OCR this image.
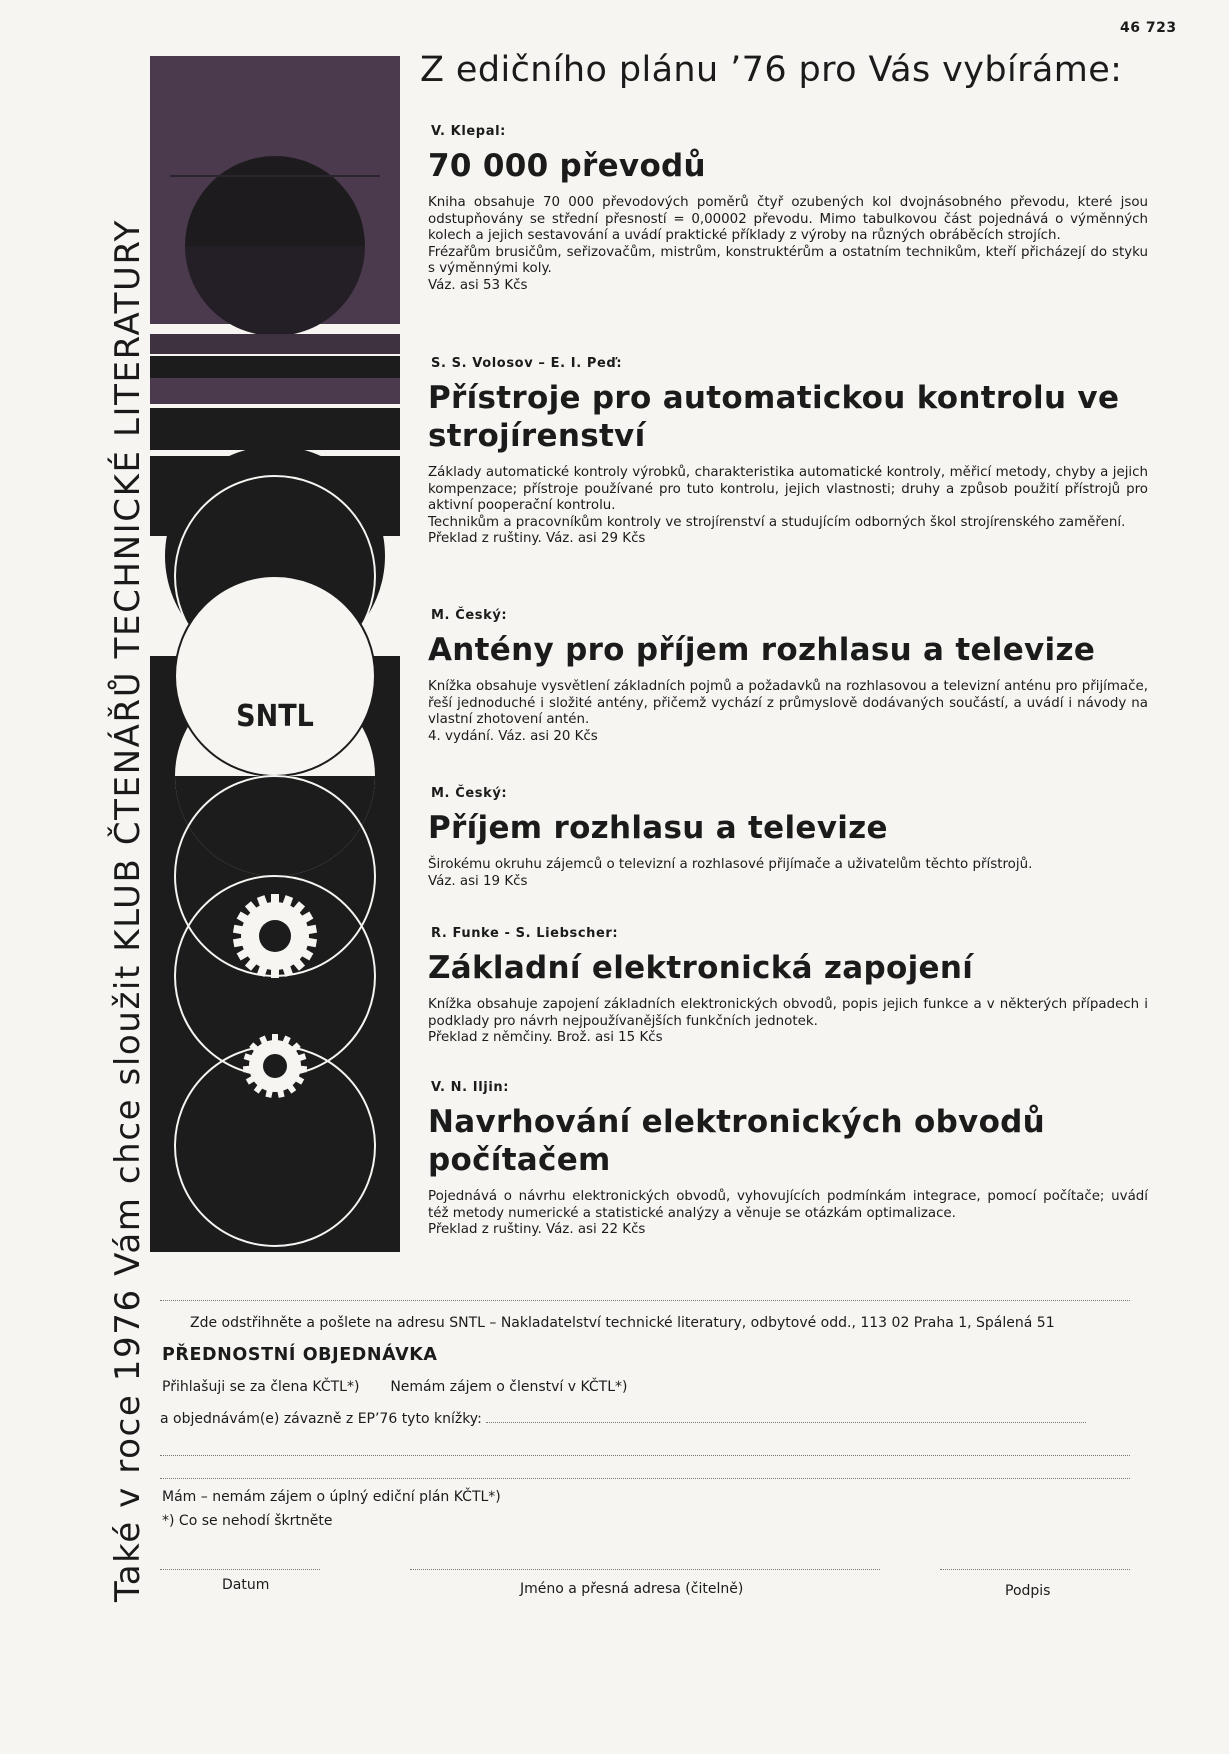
46 723
Také v roce 1976 Vám chce sloužit KLUB ČTENÁŘŮ TECHNICKÉ LITERATURY	SNTL
Z edičního plánu ’76 pro Vás vybíráme:
V. Klepal:
70 000 převodů

Kniha obsahuje 70 000 převodových poměrů čtyř ozubených kol dvojnásobného převodu, které jsou odstupňovány se střední přesností = 0,00002 převodu. Mimo tabulkovou část pojednává o výměnných kolech a jejich sestavování a uvádí praktické příklady z výroby na různých obráběcích strojích.

Frézařům brusičům, seřizovačům, mistrům, konstruktérům a ostatním technikům, kteří přicházejí do styku s výměnnými koly.

Váz. asi 53 Kčs

S. S. Volosov – E. I. Peď:
Přístroje pro automatickou kontrolu ve strojírenství

Základy automatické kontroly výrobků, charakteristika automatické kontroly, měřicí metody, chyby a jejich kompenzace; přístroje používané pro tuto kontrolu, jejich vlastnosti; druhy a způsob použití přístrojů pro aktivní pooperační kontrolu.

Technikům a pracovníkům kontroly ve strojírenství a studujícím odborných škol strojírenského zaměření.

Překlad z ruštiny. Váz. asi 29 Kčs

M. Český:
Antény pro příjem rozhlasu a televize

Knížka obsahuje vysvětlení základních pojmů a požadavků na rozhlasovou a televizní anténu pro přijímače, řeší jednoduché i složité antény, přičemž vychází z průmyslově dodávaných součástí, a uvádí i návody na vlastní zhotovení antén.

4. vydání. Váz. asi 20 Kčs

M. Český:
Příjem rozhlasu a televize

Širokému okruhu zájemců o televizní a rozhlasové přijímače a uživatelům těchto přístrojů.

Váz. asi 19 Kčs

R. Funke - S. Liebscher:
Základní elektronická zapojení

Knížka obsahuje zapojení základních elektronických obvodů, popis jejich funkce a v některých případech i podklady pro návrh nejpoužívanějších funkčních jednotek.

Překlad z němčiny. Brož. asi 15 Kčs

V. N. Iljin:
Navrhování elektronických obvodů počítačem

Pojednává o návrhu elektronických obvodů, vyhovujících podmínkám integrace, pomocí počítače; uvádí též metody numerické a statistické analýzy a věnuje se otázkám optimalizace.

Překlad z ruštiny. Váz. asi 22 Kčs

Zde odstřihněte a pošlete na adresu SNTL – Nakladatelství technické literatury, odbytové odd., 113 02 Praha 1, Spálená 51
PŘEDNOSTNÍ OBJEDNÁVKA
Přihlašuji se za člena KČTL*) Nemám zájem o členství v KČTL*)
a objednávám(e) závazně z EP’76 tyto knížky:
Mám – nemám zájem o úplný ediční plán KČTL*)
*) Co se nehodí škrtněte
Datum	Jméno a přesná adresa (čitelně)	Podpis
